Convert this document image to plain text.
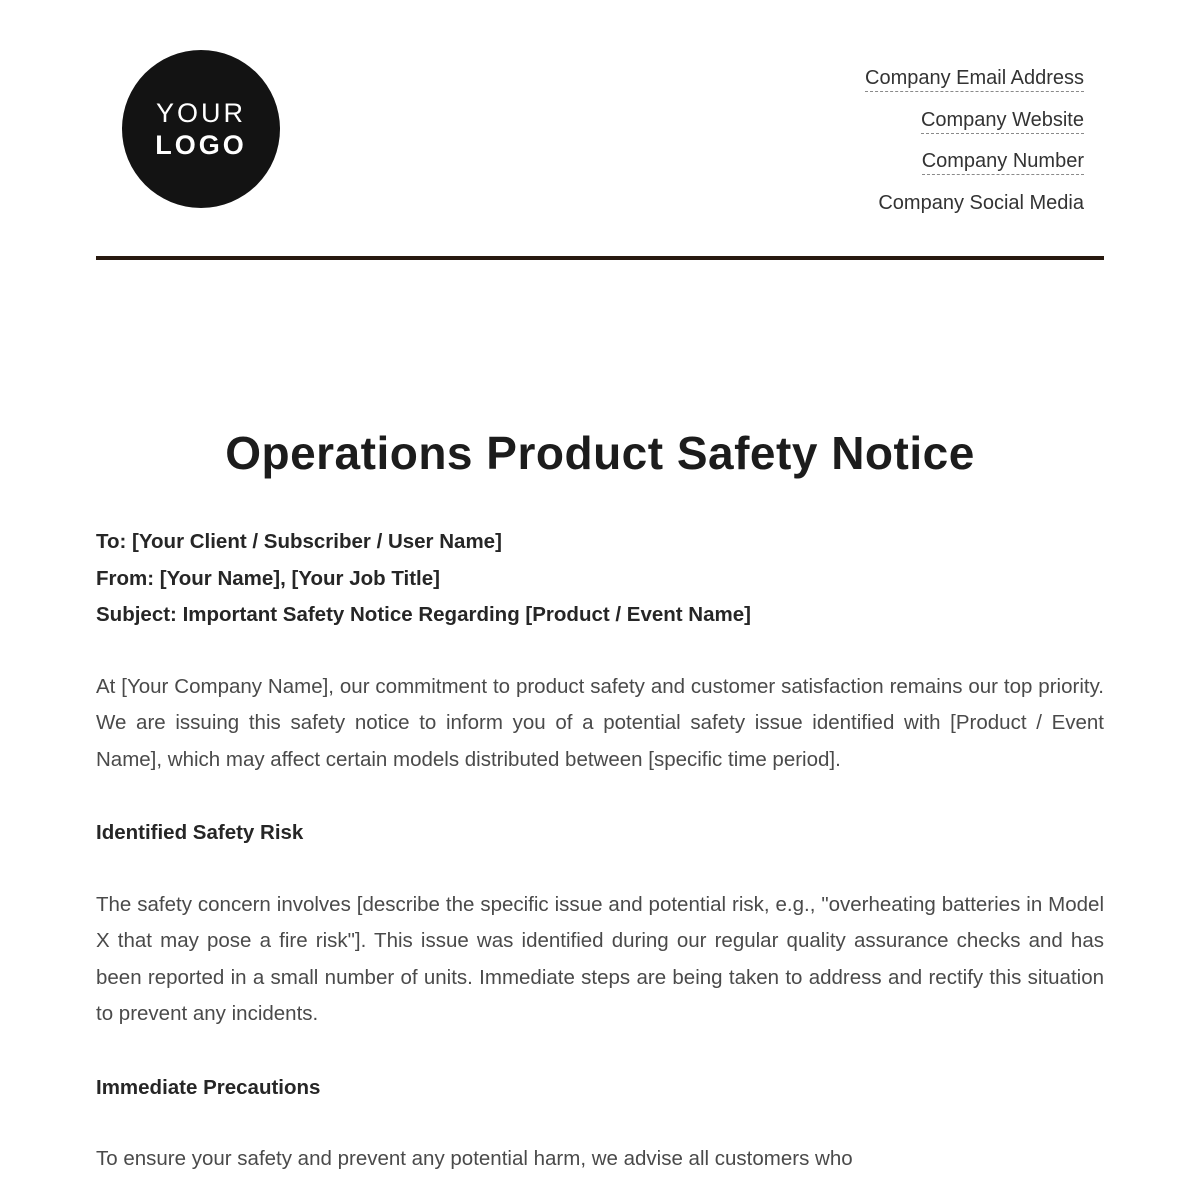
YOUR
LOGO
Company Email Address
Company Website
Company Number
Company Social Media
Operations Product Safety Notice
To: [Your Client / Subscriber / User Name]
From: [Your Name], [Your Job Title]
Subject: Important Safety Notice Regarding [Product / Event Name]

At [Your Company Name], our commitment to product safety and customer satisfaction remains our top priority. We are issuing this safety notice to inform you of a potential safety issue identified with [Product / Event Name], which may affect certain models distributed between [specific time period].

Identified Safety Risk

The safety concern involves [describe the specific issue and potential risk, e.g., "overheating batteries in Model X that may pose a fire risk"]. This issue was identified during our regular quality assurance checks and has been reported in a small number of units. Immediate steps are being taken to address and rectify this situation to prevent any incidents.

Immediate Precautions

To ensure your safety and prevent any potential harm, we advise all customers who
